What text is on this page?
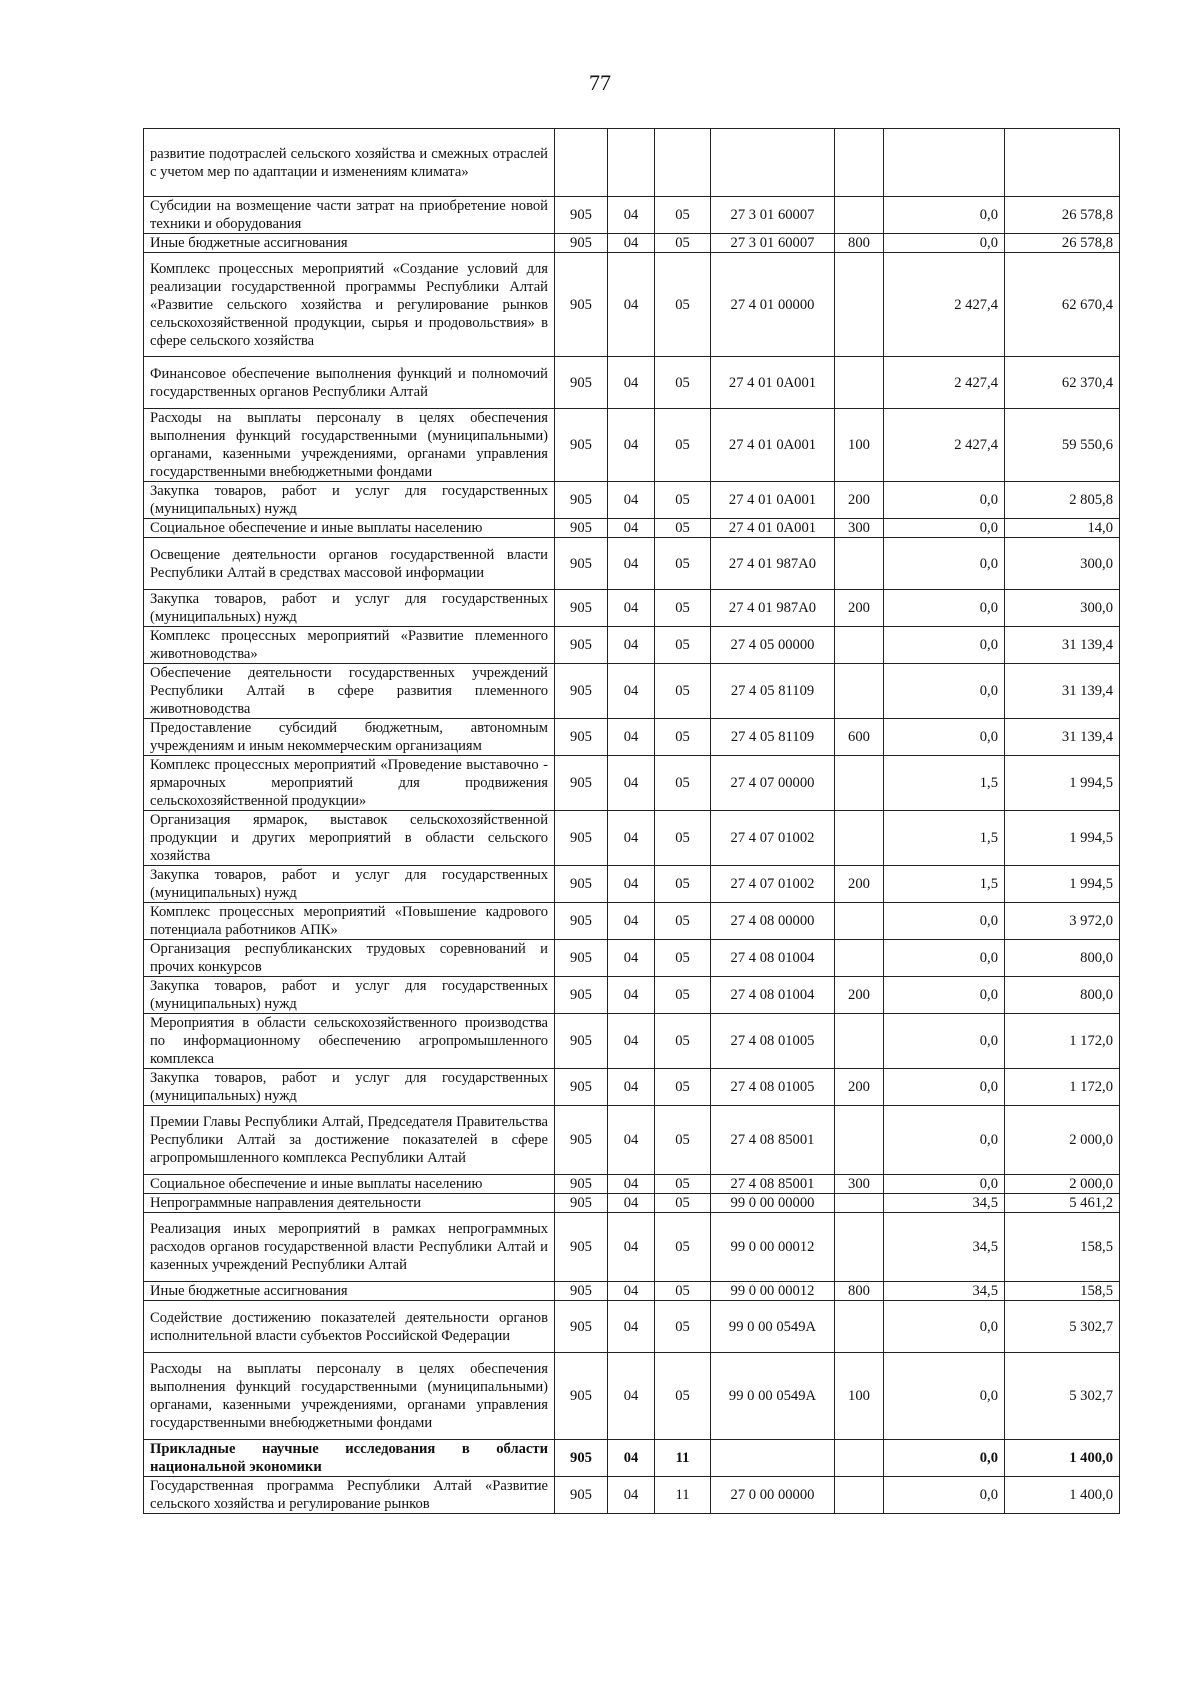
77
развитие подотраслей сельского хозяйства и смежных отраслей с учетом мер по адаптации и изменениям климата»							
Субсидии на возмещение части затрат на приобретение новой техники и оборудования	905	04	05	27 3 01 60007		0,0	26 578,8
Иные бюджетные ассигнования	905	04	05	27 3 01 60007	800	0,0	26 578,8
Комплекс процессных мероприятий «Создание условий для реализации государственной программы Республики Алтай «Развитие сельского хозяйства и регулирование рынков сельскохозяйственной продукции, сырья и продовольствия» в сфере сельского хозяйства	905	04	05	27 4 01 00000		2 427,4	62 670,4
Финансовое обеспечение выполнения функций и полномочий государственных органов Республики Алтай	905	04	05	27 4 01 0А001		2 427,4	62 370,4
Расходы на выплаты персоналу в целях обеспечения выполнения функций государственными (муниципальными) органами, казенными учреждениями, органами управления государственными внебюджетными фондами	905	04	05	27 4 01 0А001	100	2 427,4	59 550,6
Закупка товаров, работ и услуг для государственных (муниципальных) нужд	905	04	05	27 4 01 0А001	200	0,0	2 805,8
Социальное обеспечение и иные выплаты населению	905	04	05	27 4 01 0А001	300	0,0	14,0
Освещение деятельности органов государственной власти Республики Алтай в средствах массовой информации	905	04	05	27 4 01 987А0		0,0	300,0
Закупка товаров, работ и услуг для государственных (муниципальных) нужд	905	04	05	27 4 01 987А0	200	0,0	300,0
Комплекс процессных мероприятий «Развитие племенного животноводства»	905	04	05	27 4 05 00000		0,0	31 139,4
Обеспечение деятельности государственных учреждений Республики Алтай в сфере развития племенного животноводства	905	04	05	27 4 05 81109		0,0	31 139,4
Предоставление субсидий бюджетным, автономным учреждениям и иным некоммерческим организациям	905	04	05	27 4 05 81109	600	0,0	31 139,4
Комплекс процессных мероприятий «Проведение выставочно - ярмарочных мероприятий для продвижения сельскохозяйственной продукции»	905	04	05	27 4 07 00000		1,5	1 994,5
Организация ярмарок, выставок сельскохозяйственной продукции и других мероприятий в области сельского хозяйства	905	04	05	27 4 07 01002		1,5	1 994,5
Закупка товаров, работ и услуг для государственных (муниципальных) нужд	905	04	05	27 4 07 01002	200	1,5	1 994,5
Комплекс процессных мероприятий «Повышение кадрового потенциала работников АПК»	905	04	05	27 4 08 00000		0,0	3 972,0
Организация республиканских трудовых соревнований и прочих конкурсов	905	04	05	27 4 08 01004		0,0	800,0
Закупка товаров, работ и услуг для государственных (муниципальных) нужд	905	04	05	27 4 08 01004	200	0,0	800,0
Мероприятия в области сельскохозяйственного производства по информационному обеспечению агропромышленного комплекса	905	04	05	27 4 08 01005		0,0	1 172,0
Закупка товаров, работ и услуг для государственных (муниципальных) нужд	905	04	05	27 4 08 01005	200	0,0	1 172,0
Премии Главы Республики Алтай, Председателя Правительства Республики Алтай за достижение показателей в сфере агропромышленного комплекса Республики Алтай	905	04	05	27 4 08 85001		0,0	2 000,0
Социальное обеспечение и иные выплаты населению	905	04	05	27 4 08 85001	300	0,0	2 000,0
Непрограммные направления деятельности	905	04	05	99 0 00 00000		34,5	5 461,2
Реализация иных мероприятий в рамках непрограммных расходов органов государственной власти Республики Алтай и казенных учреждений Республики Алтай	905	04	05	99 0 00 00012		34,5	158,5
Иные бюджетные ассигнования	905	04	05	99 0 00 00012	800	34,5	158,5
Содействие достижению показателей деятельности органов исполнительной власти субъектов Российской Федерации	905	04	05	99 0 00 0549А		0,0	5 302,7
Расходы на выплаты персоналу в целях обеспечения выполнения функций государственными (муниципальными) органами, казенными учреждениями, органами управления государственными внебюджетными фондами	905	04	05	99 0 00 0549А	100	0,0	5 302,7
Прикладные научные исследования в области национальной экономики	905	04	11			0,0	1 400,0
Государственная программа Республики Алтай «Развитие сельского хозяйства и регулирование рынков	905	04	11	27 0 00 00000		0,0	1 400,0
